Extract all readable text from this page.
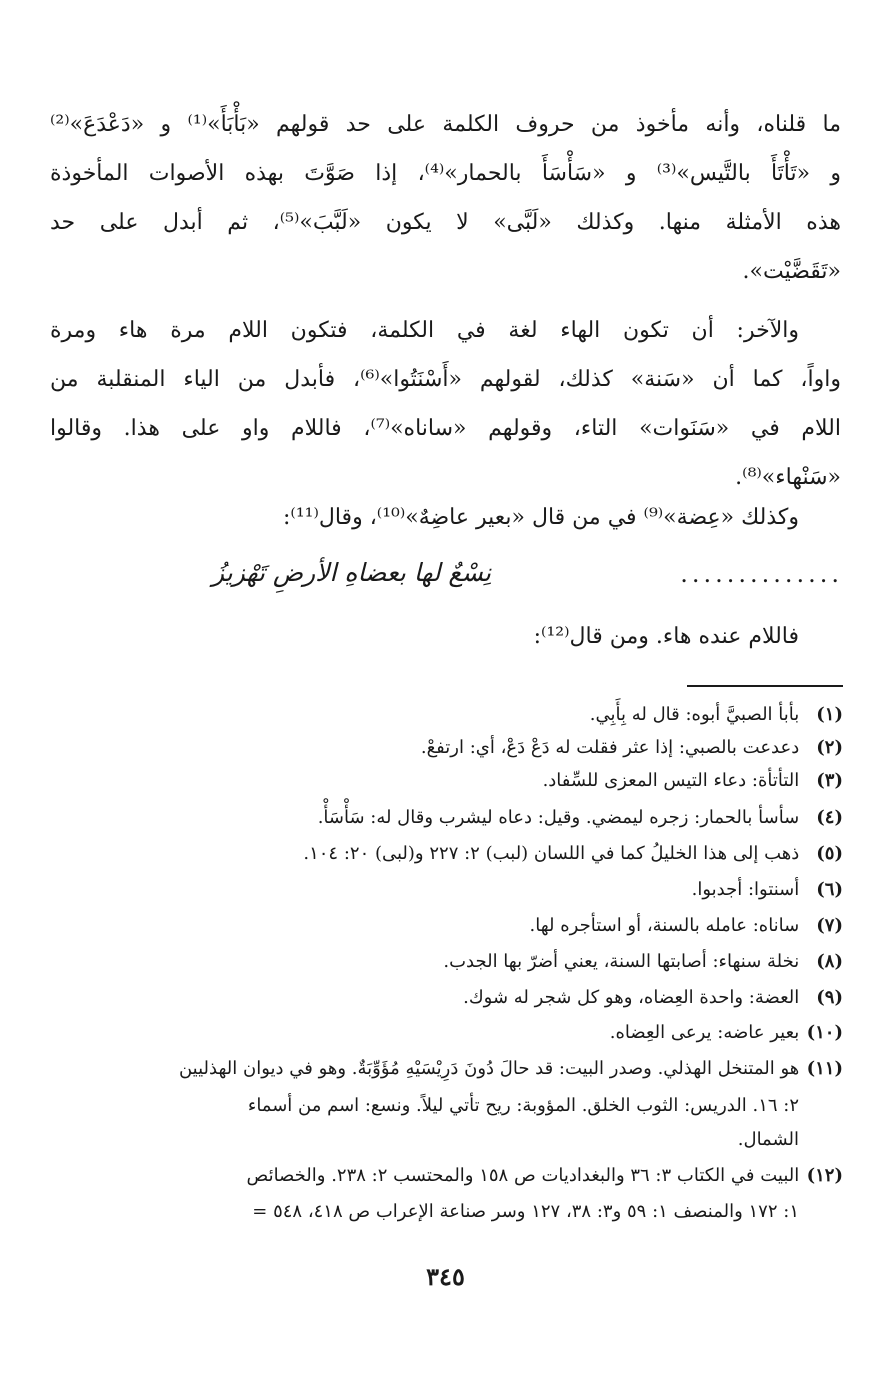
ما قلناه، وأنه مأخوذ من حروف الكلمة على حد قولهم «بَأْبَأَ»⁽¹⁾ و «دَعْدَعَ»⁽²⁾
و «تَأْتَأَ بالتَّيس»⁽³⁾ و «سَأْسَأَ بالحمار»⁽⁴⁾، إذا صَوَّتَ بهذه الأصوات المأخوذة
هذه الأمثلة منها. وكذلك «لَبَّى» لا يكون «لَبَّبَ»⁽⁵⁾، ثم أبدل على حد
«تَقَضَّيْت».
والآخر: أن تكون الهاء لغة في الكلمة، فتكون اللام مرة هاء ومرة
واواً، كما أن «سَنة» كذلك، لقولهم «أَسْنَتُوا»⁽⁶⁾، فأبدل من الياء المنقلبة من
اللام في «سَنَوات» التاء، وقولهم «ساناه»⁽⁷⁾، فاللام واو على هذا. وقالوا
«سَنْهاء»⁽⁸⁾.
وكذلك «عِضة»⁽⁹⁾ في من قال «بعير عاضِهٌ»⁽¹⁰⁾، وقال⁽¹¹⁾:
..............
نِسْعٌ لها بعضاهِ الأرضِ تَهْزيزُ
فاللام عنده هاء. ومن قال⁽¹²⁾:
(١) بأبأ الصبيَّ أبوه: قال له بِأَبِي.
(٢) دعدعت بالصبي: إذا عثر فقلت له دَعْ دَعْ، أي: ارتفعْ.
(٣) التأتأة: دعاء التيس المعزى للسِّفاد.
(٤) سأسأ بالحمار: زجره ليمضي. وقيل: دعاه ليشرب وقال له: سَأْسَأْ.
(٥) ذهب إلى هذا الخليلُ كما في اللسان (لبب) ٢: ٢٢٧ و(لبى) ٢٠: ١٠٤.
(٦) أسنتوا: أجدبوا.
(٧) ساناه: عامله بالسنة، أو استأجره لها.
(٨) نخلة سنهاء: أصابتها السنة، يعني أضرّ بها الجدب.
(٩) العضة: واحدة العِضاه، وهو كل شجر له شوك.
(١٠) بعير عاضه: يرعى العِضاه.
(١١) هو المتنخل الهذلي. وصدر البيت: قد حالَ دُونَ دَرِيْسَيْهِ مُؤَوِّبَةٌ. وهو في ديوان الهذليين
٢: ١٦. الدريس: الثوب الخلق. المؤوبة: ريح تأتي ليلاً. ونسع: اسم من أسماء
الشمال.
(١٢) البيت في الكتاب ٣: ٣٦ والبغداديات ص ١٥٨ والمحتسب ٢: ٢٣٨. والخصائص
١: ١٧٢ والمنصف ١: ٥٩ و٣: ٣٨، ١٢٧ وسر صناعة الإعراب ص ٤١٨، ٥٤٨ =
٣٤٥
